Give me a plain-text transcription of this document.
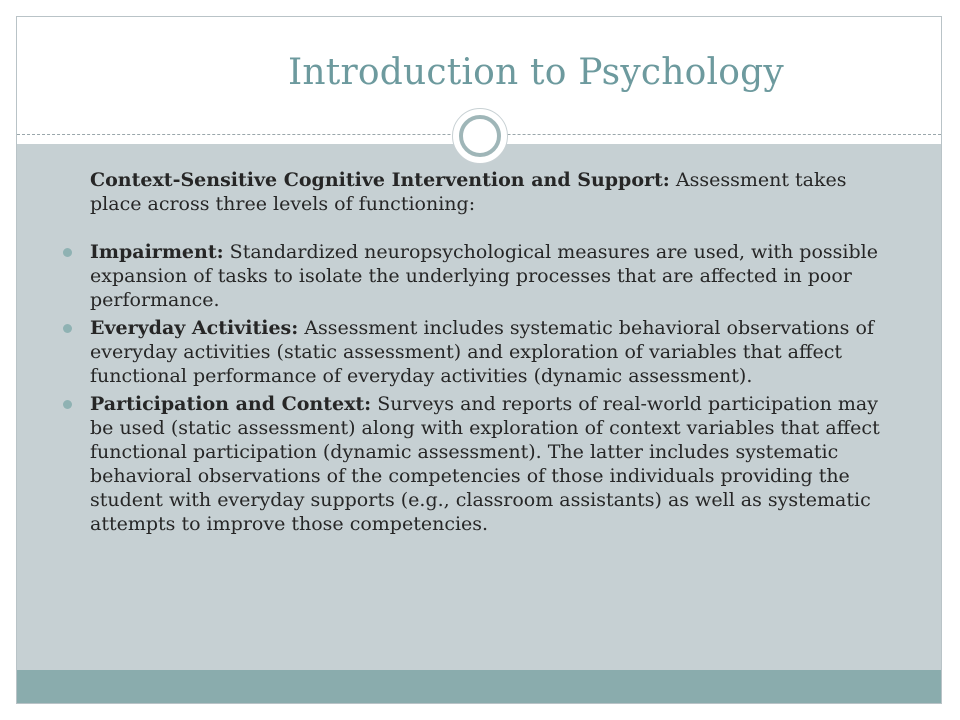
Introduction to Psychology
Context-Sensitive Cognitive Intervention and Support: Assessment takes place across three levels of functioning:
Impairment: Standardized neuropsychological measures are used, with possible expansion of tasks to isolate the underlying processes that are affected in poor performance.
Everyday Activities: Assessment includes systematic behavioral observations of everyday activities (static assessment) and exploration of variables that affect functional performance of everyday activities (dynamic assessment).
Participation and Context: Surveys and reports of real-world participation may be used (static assessment) along with exploration of context variables that affect functional participation (dynamic assessment). The latter includes systematic behavioral observations of the competencies of those individuals providing the student with everyday supports (e.g., classroom assistants) as well as systematic attempts to improve those competencies.
